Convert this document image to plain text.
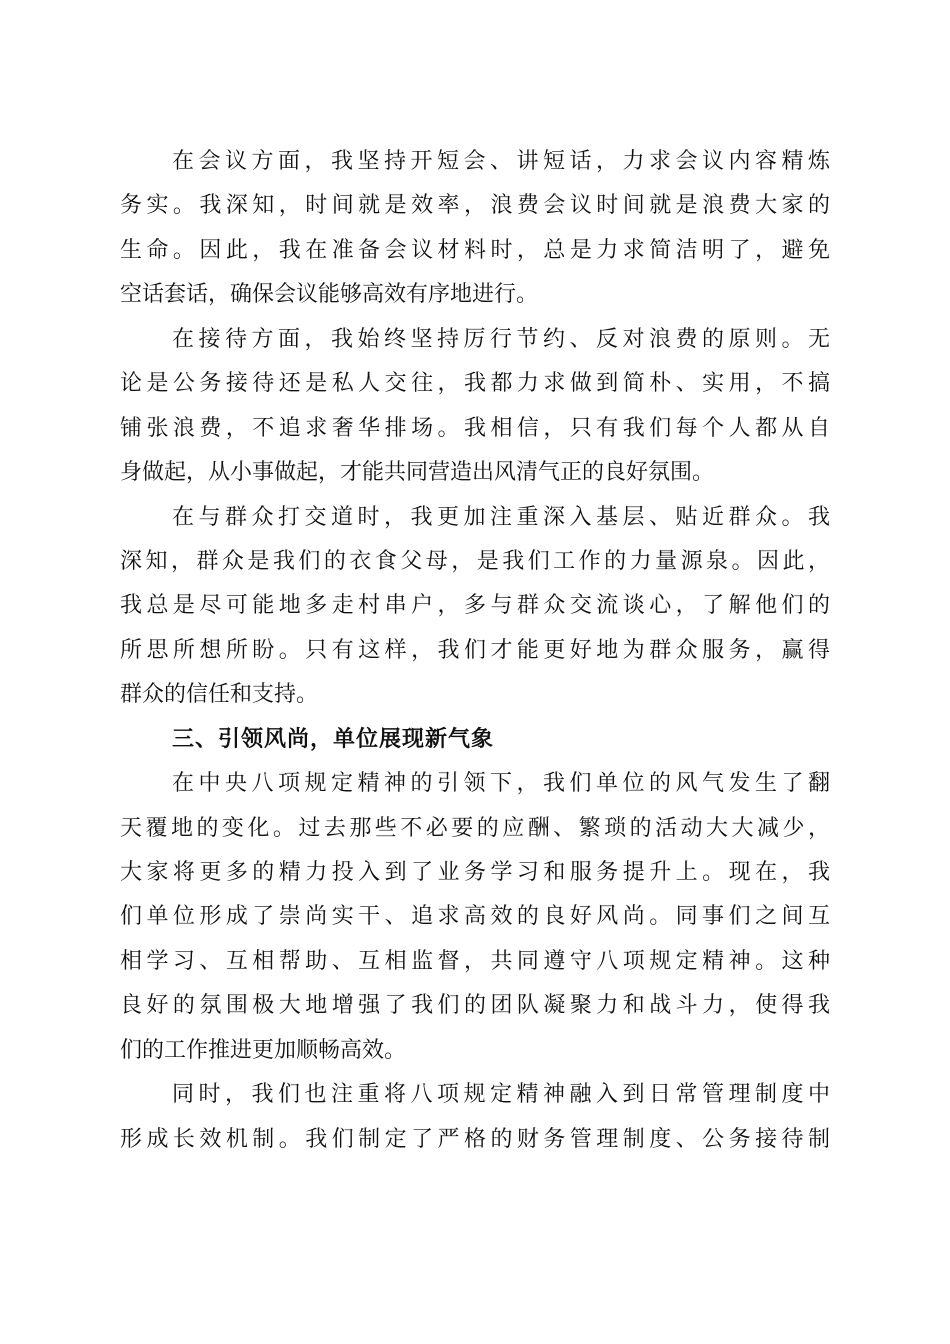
在会议方面，我坚持开短会、讲短话，力求会议内容精炼
务实。我深知，时间就是效率，浪费会议时间就是浪费大家的
生命。因此，我在准备会议材料时，总是力求简洁明了，避免
空话套话，确保会议能够高效有序地进行。
在接待方面，我始终坚持厉行节约、反对浪费的原则。无
论是公务接待还是私人交往，我都力求做到简朴、实用，不搞
铺张浪费，不追求奢华排场。我相信，只有我们每个人都从自
身做起，从小事做起，才能共同营造出风清气正的良好氛围。
在与群众打交道时，我更加注重深入基层、贴近群众。我
深知，群众是我们的衣食父母，是我们工作的力量源泉。因此，
我总是尽可能地多走村串户，多与群众交流谈心，了解他们的
所思所想所盼。只有这样，我们才能更好地为群众服务，赢得
群众的信任和支持。
三、引领风尚，单位展现新气象
在中央八项规定精神的引领下，我们单位的风气发生了翻
天覆地的变化。过去那些不必要的应酬、繁琐的活动大大减少，
大家将更多的精力投入到了业务学习和服务提升上。现在，我
们单位形成了崇尚实干、追求高效的良好风尚。同事们之间互
相学习、互相帮助、互相监督，共同遵守八项规定精神。这种
良好的氛围极大地增强了我们的团队凝聚力和战斗力，使得我
们的工作推进更加顺畅高效。
同时，我们也注重将八项规定精神融入到日常管理制度中
形成长效机制。我们制定了严格的财务管理制度、公务接待制
